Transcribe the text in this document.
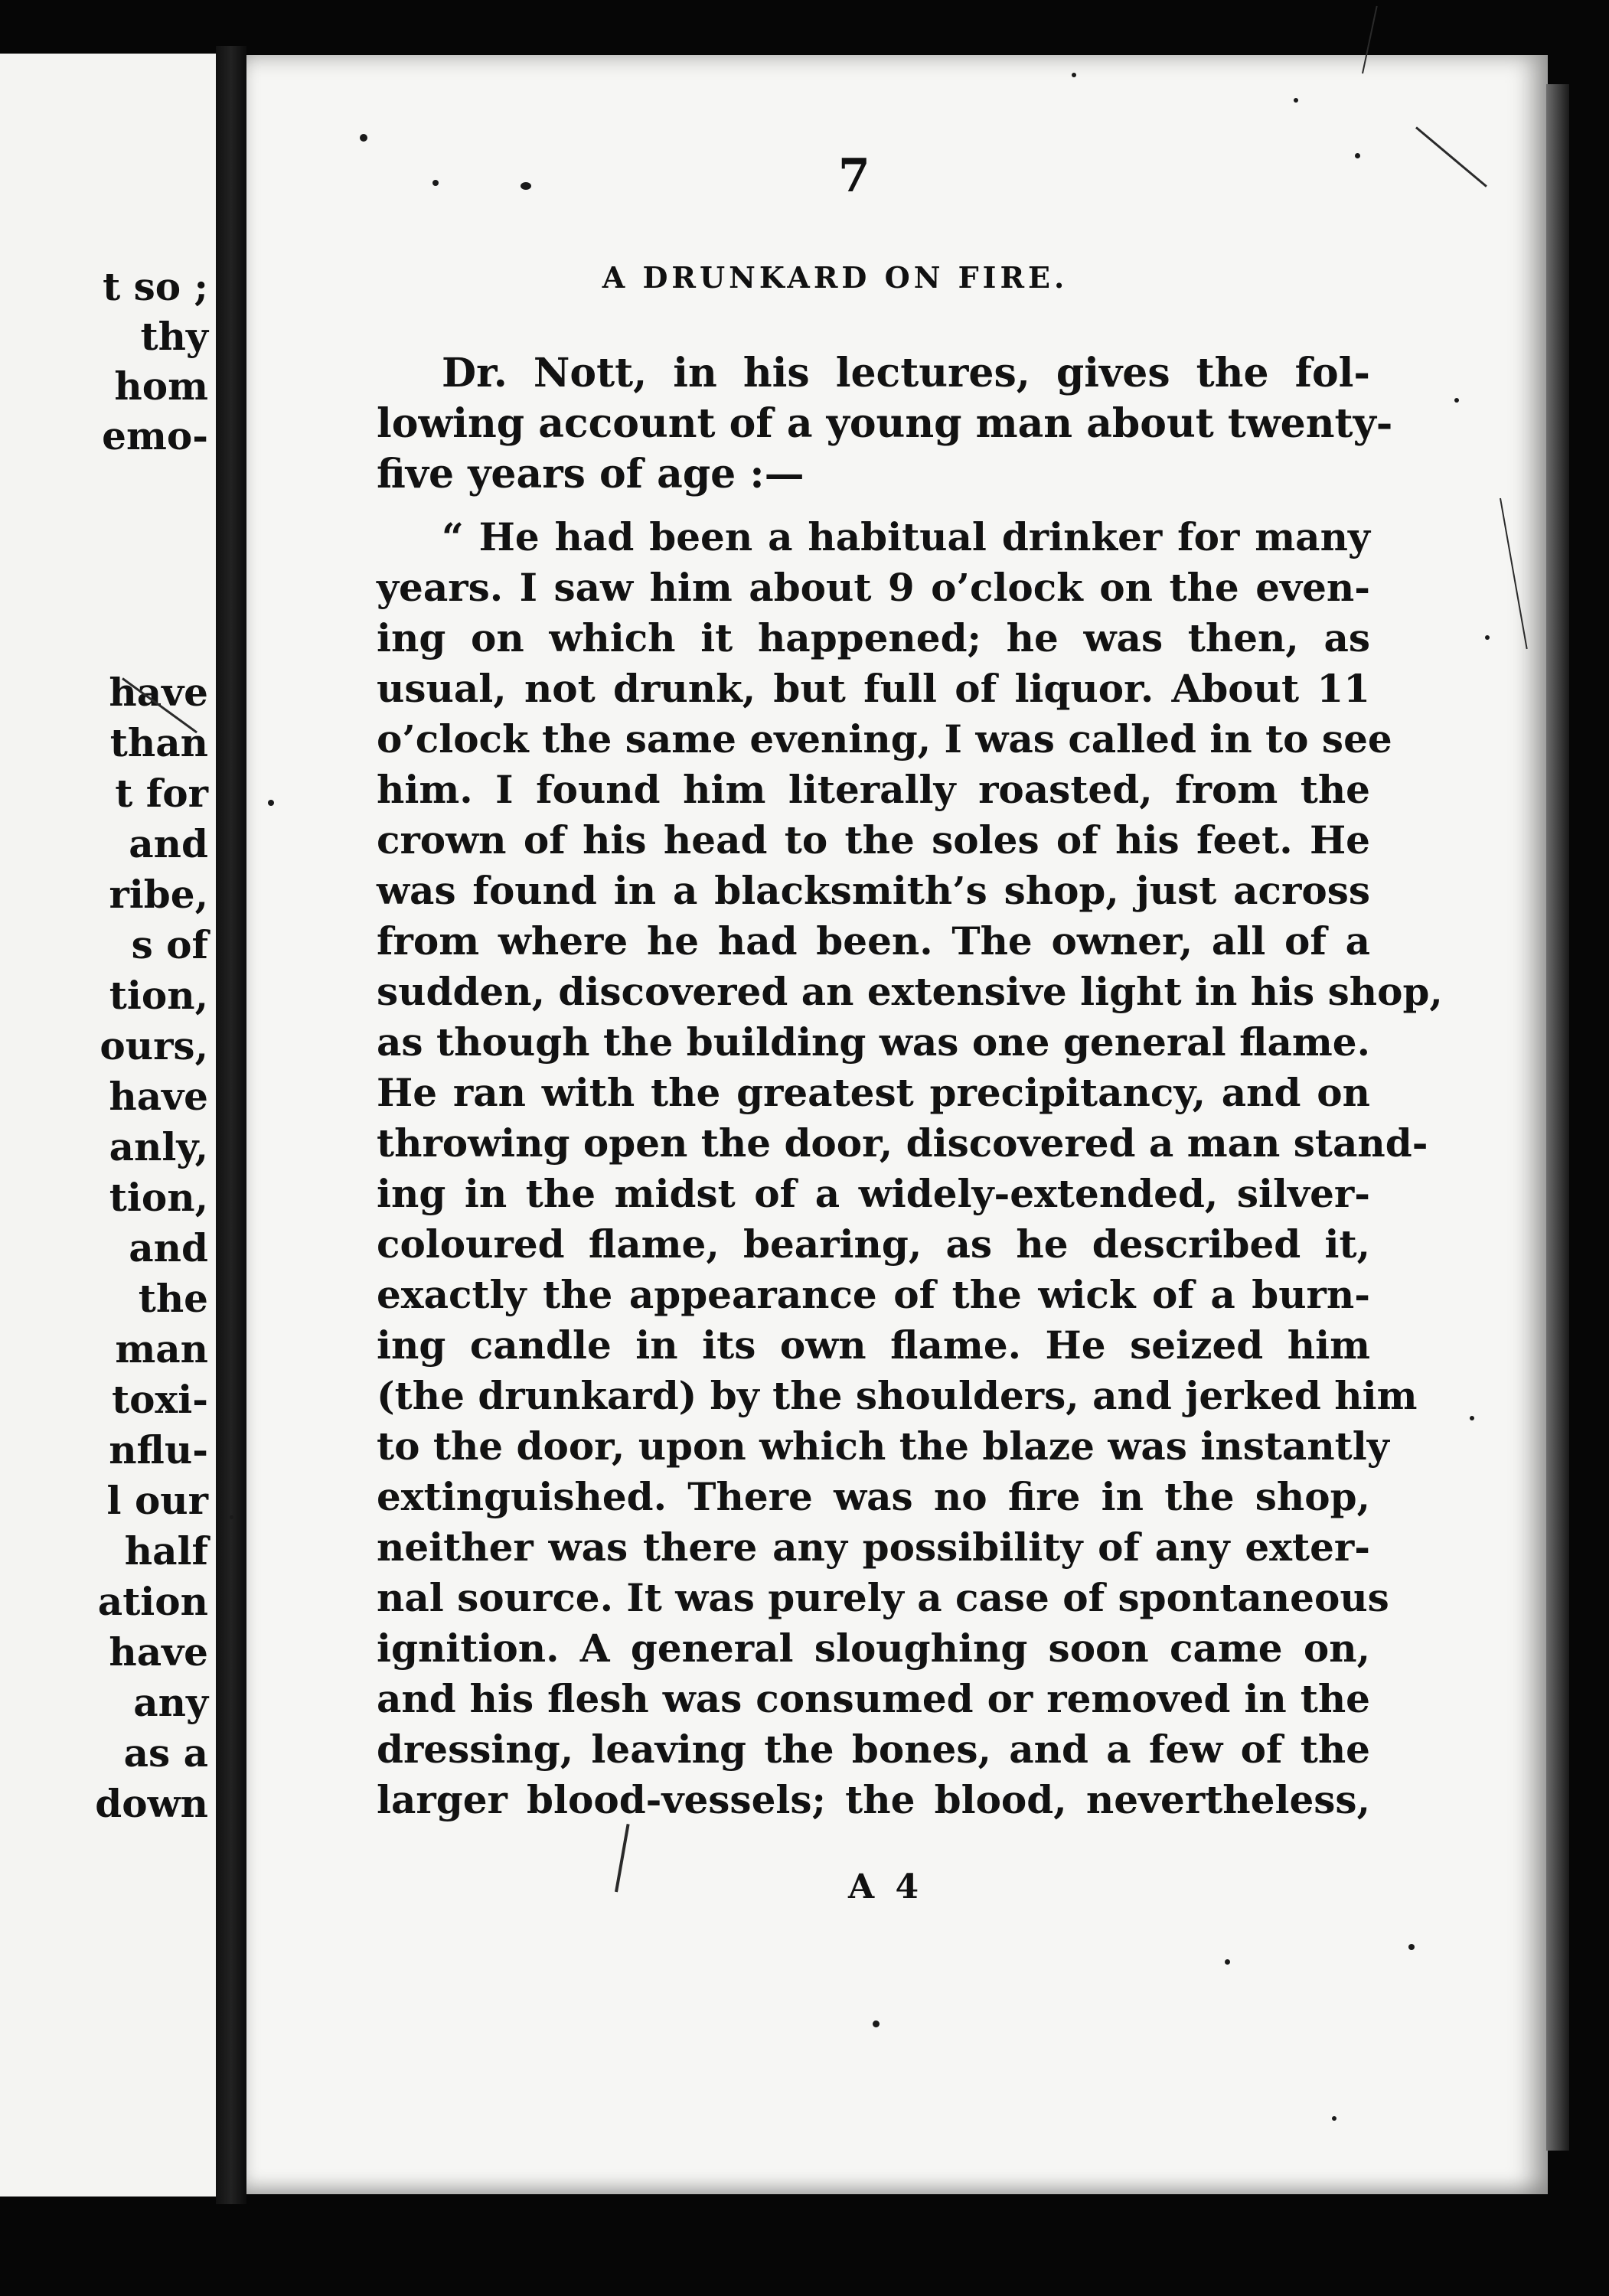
t so ;
thy
hom
emo-
have
than
t for
and
ribe,
s of
tion,
ours,
have
anly,
tion,
and
the
man
toxi-
nflu-
l our
half
ation
have
any
as a
down
7
A DRUNKARD ON FIRE.
Dr. Nott, in his lectures, gives the fol-
lowing account of a young man about twenty-
five years of age :—
“ He had been a habitual drinker for many
years. I saw him about 9 o’clock on the even-
ing on which it happened; he was then, as
usual, not drunk, but full of liquor. About 11
o’clock the same evening, I was called in to see
him. I found him literally roasted, from the
crown of his head to the soles of his feet. He
was found in a blacksmith’s shop, just across
from where he had been. The owner, all of a
sudden, discovered an extensive light in his shop,
as though the building was one general flame.
He ran with the greatest precipitancy, and on
throwing open the door, discovered a man stand-
ing in the midst of a widely-extended, silver-
coloured flame, bearing, as he described it,
exactly the appearance of the wick of a burn-
ing candle in its own flame. He seized him
(the drunkard) by the shoulders, and jerked him
to the door, upon which the blaze was instantly
extinguished. There was no fire in the shop,
neither was there any possibility of any exter-
nal source. It was purely a case of spontaneous
ignition. A general sloughing soon came on,
and his flesh was consumed or removed in the
dressing, leaving the bones, and a few of the
larger blood-vessels; the blood, nevertheless,
A 4
